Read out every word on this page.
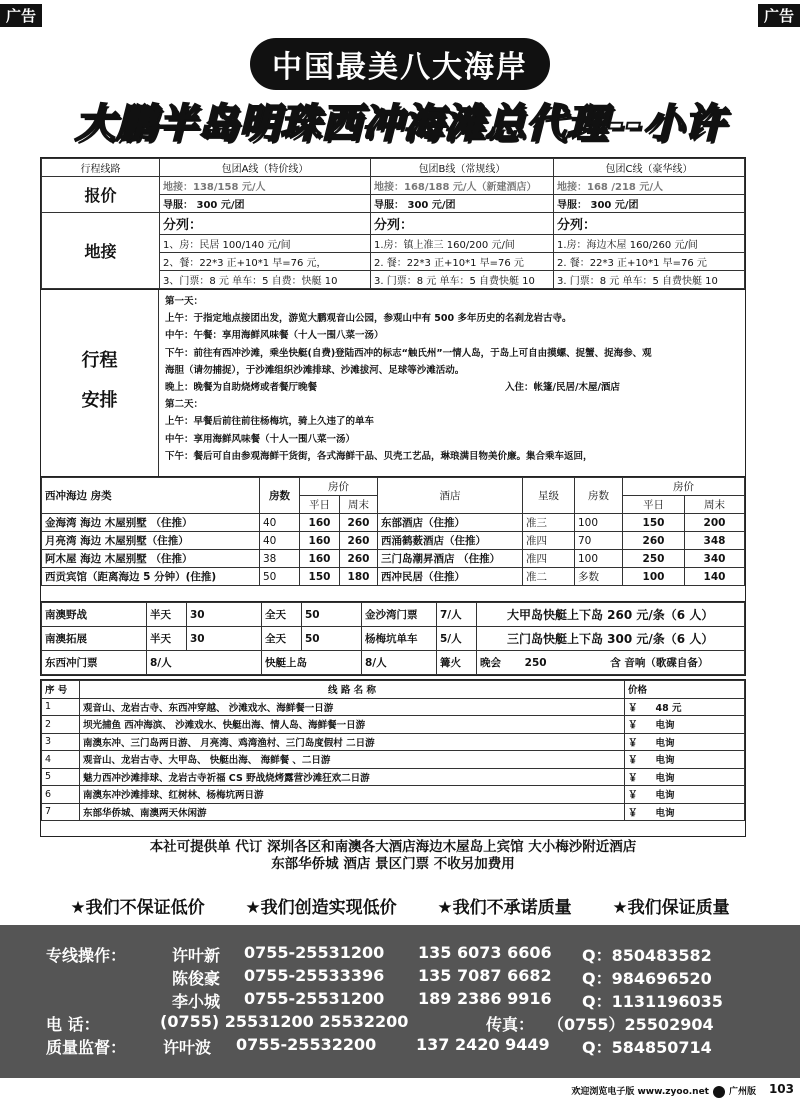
广告	广告
中国最美八大海岸
大鹏半岛明珠西冲海滩总代理--小许
行程线路	包团A线（特价线）	包团B线（常规线）	包团C线（豪华线）
报价	地接：138/158 元/人	地接：168/188 元/人（新建酒店）	地接：168 /218 元/人
	导服： 300 元/团	导服： 300 元/团	导服： 300 元/团
地接	分列：	分列：	分列：
	1、房：民居 100/140 元/间	1.房：镇上准三 160/200 元/间	1.房：海边木屋 160/260 元/间
	2、餐：22*3 正+10*1 早=76 元，	2. 餐：22*3 正+10*1 早=76 元	2. 餐：22*3 正+10*1 早=76 元
	3、门票：8 元 单车：5 自费：快艇 10	3. 门票：8 元 单车：5 自费快艇 10	3. 门票：8 元 单车：5 自费快艇 10
行程
安排
第一天：
上午：于指定地点接团出发，游览大鹏观音山公园，参观山中有 500 多年历史的名刹龙岩古寺。
中午：午餐：享用海鲜风味餐（十人一围八菜一汤）
下午：前往有西冲沙滩，乘坐快艇(自费)登陆西冲的标志“触氏州”一情人岛，于岛上可自由摸螺、捉蟹、捉海参、观
海胆（请勿捕捉），于沙滩组织沙滩排球、沙滩拔河、足球等沙滩活动。
晚上：晚餐为自助烧烤或者餐厅晚餐	入住：帐篷/民居/木屋/酒店
第二天：
上午：早餐后前往前往杨梅坑，骑上久违了的单车
中午：享用海鲜风味餐（十人一围八菜一汤）
下午：餐后可自由参观海鲜干货街，各式海鲜干品、贝壳工艺品，琳琅满目物美价廉。集合乘车返回，
西冲海边 房类	房数	房价		酒店	星级	房数	房价	
		平日	周末				平日	周末
金海湾 海边 木屋别墅 （住推）	40	160	260	东部酒店（住推）	准三	100	150	200
月亮湾 海边 木屋别墅（住推）	40	160	260	西涌鹤薮酒店（住推）	准四	70	260	348
阿木屋 海边 木屋别墅 （住推）	38	160	260	三门岛潮昇酒店 （住推）	准四	100	250	340
西贡宾馆（距离海边 5 分钟）(住推)	50	150	180	西冲民居（住推）	准二	多数	100	140
南澳野战	半天	30	全天	50	金沙湾门票	7/人	大甲岛快艇上下岛 260 元/条（6 人）
南澳拓展	半天	30	全天	50	杨梅坑单车	5/人	三门岛快艇上下岛 300 元/条（6 人）
东西冲门票	8/人		快艇上岛		8/人	篝火	晚会 250 含 音响（歌碟自备）
序 号	线 路 名 称	价格
1	观音山、龙岩古寺、东西冲穿越、 沙滩戏水、海鲜餐一日游	￥ 48 元
2	坝光捕鱼 西冲海滨、 沙滩戏水、快艇出海、情人岛、海鲜餐一日游	￥ 电询
3	南澳东冲、三门岛两日游、 月亮湾、鸡湾渔村、三门岛度假村 二日游	￥ 电询
4	观音山、龙岩古寺、大甲岛、 快艇出海、 海鲜餐 、二日游	￥ 电询
5	魅力西冲沙滩排球、龙岩古寺祈福 CS 野战烧烤露营沙滩狂欢二日游	￥ 电询
6	南澳东冲沙滩排球、红树林、杨梅坑两日游	￥ 电询
7	东部华侨城、南澳两天休闲游	￥ 电询
本社可提供单 代订 深圳各区和南澳各大酒店海边木屋岛上宾馆 大小梅沙附近酒店
东部华侨城 酒店 景区门票 不收另加费用
★我们不保证低价 ★我们创造实现低价 ★我们不承诺质量 ★我们保证质量
专线操作：	许叶新 0755-25531200 135 6073 6606 Q：850483582
陈俊豪 0755-25533396 135 7087 6682 Q：984696520
李小城 0755-25531200 189 2386 9916 Q：1131196035
电 话：	(0755) 25531200 25532200	传真： （0755）25502904
质量监督： 许叶波 0755-25532200 137 2420 9449 Q：584850714
欢迎浏览电子版 www.zyoo.net 广州版 103
